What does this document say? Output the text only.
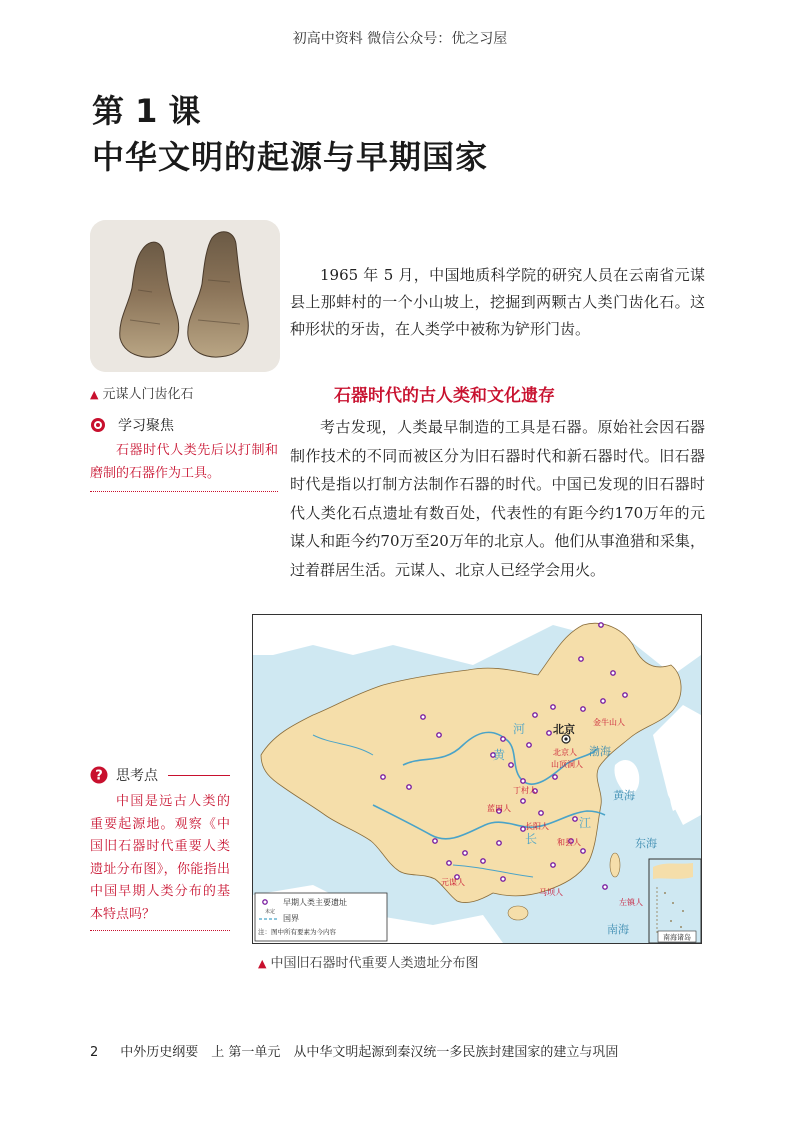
初高中资料 微信公众号：优之习屋
第 1 课
中华文明的起源与早期国家
▲ 元谋人门齿化石
1965 年 5 月，中国地质科学院的研究人员在云南省元谋县上那蚌村的一个小山坡上，挖掘到两颗古人类门齿化石。这种形状的牙齿，在人类学中被称为铲形门齿。
石器时代的古人类和文化遗存
考古发现，人类最早制造的工具是石器。原始社会因石器制作技术的不同而被区分为旧石器时代和新石器时代。旧石器时代是指以打制方法制作石器的时代。中国已发现的旧石器时代人类化石点遗址有数百处，代表性的有距今约170万年的元谋人和距今约70万至20万年的北京人。他们从事渔猎和采集，过着群居生活。元谋人、北京人已经学会用火。
学习聚焦
石器时代人类先后以打制和磨制的石器作为工具。
? 思考点
中国是远古人类的重要起源地。观察《中国旧石器时代重要人类遗址分布图》，你能指出中国早期人类分布的基本特点吗？
北京
金牛山人
北京人
山顶洞人
丁村人
蓝田人
和县人
长阳人
元谋人
马坝人
左镇人
黄
河
长
江
渤海
黄海
东海
南海
南海诸岛
早期人类主要遗址
未定
国界
注：图中所有要素为今内容
▲ 中国旧石器时代重要人类遗址分布图
2 中外历史纲要　上 第一单元　从中华文明起源到秦汉统一多民族封建国家的建立与巩固
